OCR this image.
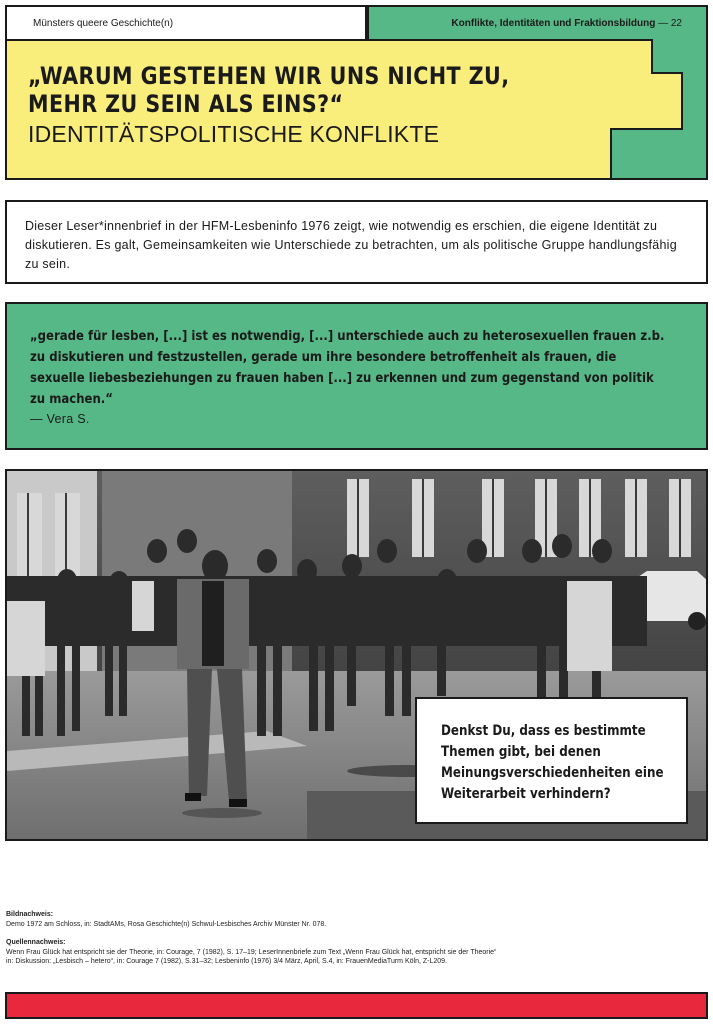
Münsters queere Geschichte(n)	Konflikte, Identitäten und Fraktionsbildung — 22
„WARUM GESTEHEN WIR UNS NICHT ZU,
MEHR ZU SEIN ALS EINS?“
IDENTITÄTSPOLITISCHE KONFLIKTE

Dieser Leser*innenbrief in der HFM-Lesbeninfo 1976 zeigt, wie notwendig es erschien, die eigene Identität zu diskutieren. Es galt, Gemeinsamkeiten wie Unterschiede zu betrachten, um als politische Gruppe handlungsfähig zu sein.

„gerade für lesben, [...] ist es notwendig, [...] unterschiede auch zu heterosexuellen frauen z.b. zu diskutieren und festzustellen, gerade um ihre besondere betroffenheit als frauen, die sexuelle liebesbeziehungen zu frauen haben [...] zu erkennen und zum gegenstand von politik zu machen.“
— Vera S.
Denkst Du, dass es bestimmte Themen gibt, bei denen Meinungsverschiedenheiten eine Weiterarbeit verhindern?
Bildnachweis:
Demo 1972 am Schloss, in: StadtAMs, Rosa Geschichte(n) Schwul-Lesbisches Archiv Münster Nr. 078.
Quellennachweis:
Wenn Frau Glück hat entspricht sie der Theorie, in: Courage, 7 (1982), S. 17–19; LeserInnenbriefe zum Text „Wenn Frau Glück hat, entspricht sie der Theorie“
in: Diskussion: „Lesbisch – hetero“, in: Courage 7 (1982), S.31–32; Lesbeninfo (1976) 3/4 März, April, S.4, in: FrauenMediaTurm Köln, Z-L209.
